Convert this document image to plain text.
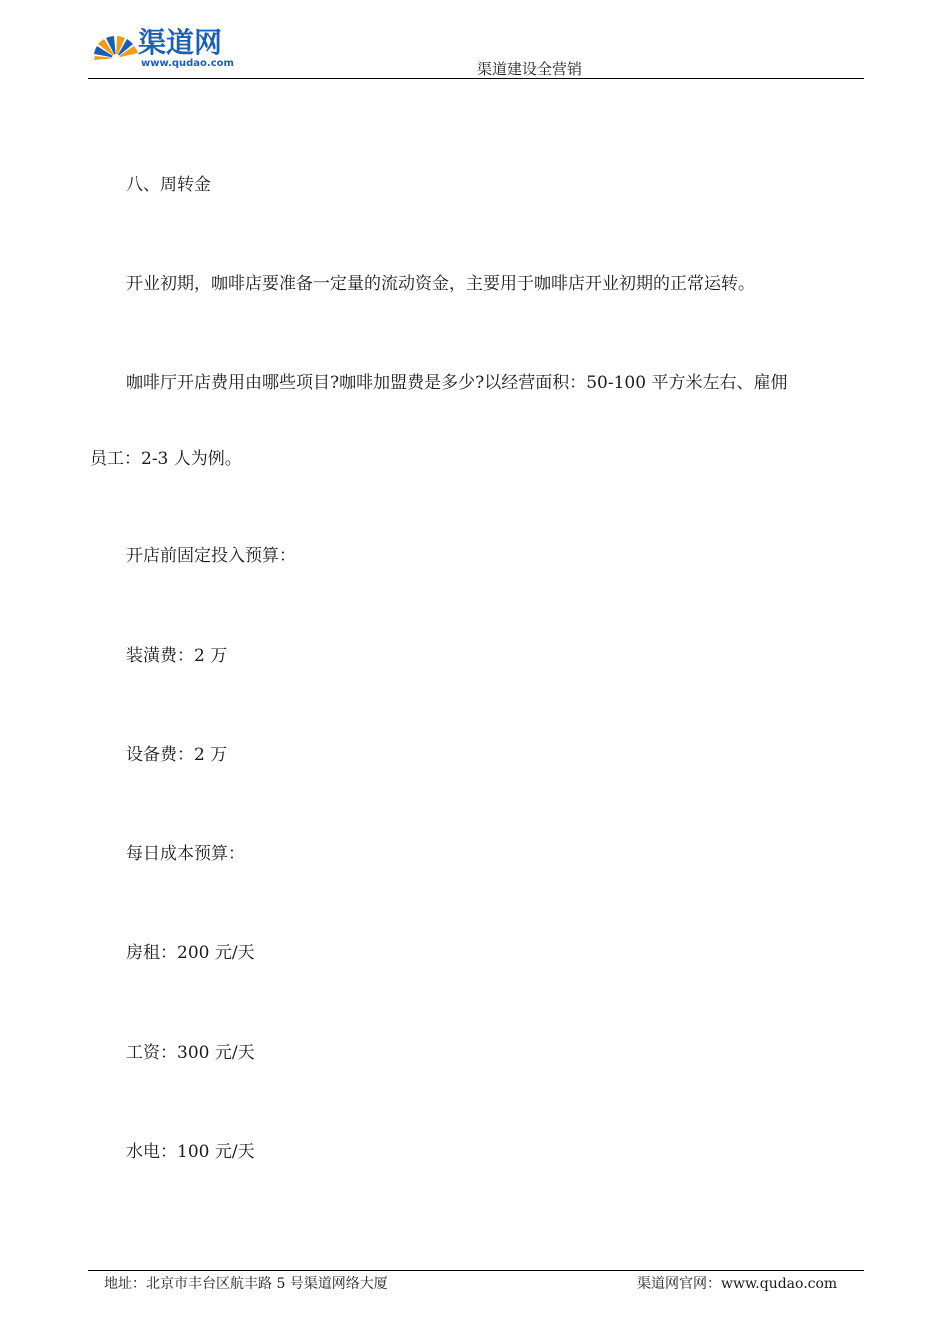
渠道网
www.qudao.com	渠道建设全营销
八、周转金
开业初期，咖啡店要准备一定量的流动资金，主要用于咖啡店开业初期的正常运转。
咖啡厅开店费用由哪些项目?咖啡加盟费是多少?以经营面积：50-100 平方米左右、雇佣
员工：2-3 人为例。
开店前固定投入预算：
装潢费：2 万
设备费：2 万
每日成本预算：
房租：200 元/天
工资：300 元/天
水电：100 元/天
地址：北京市丰台区航丰路 5 号渠道网络大厦	渠道网官网：www.qudao.com
